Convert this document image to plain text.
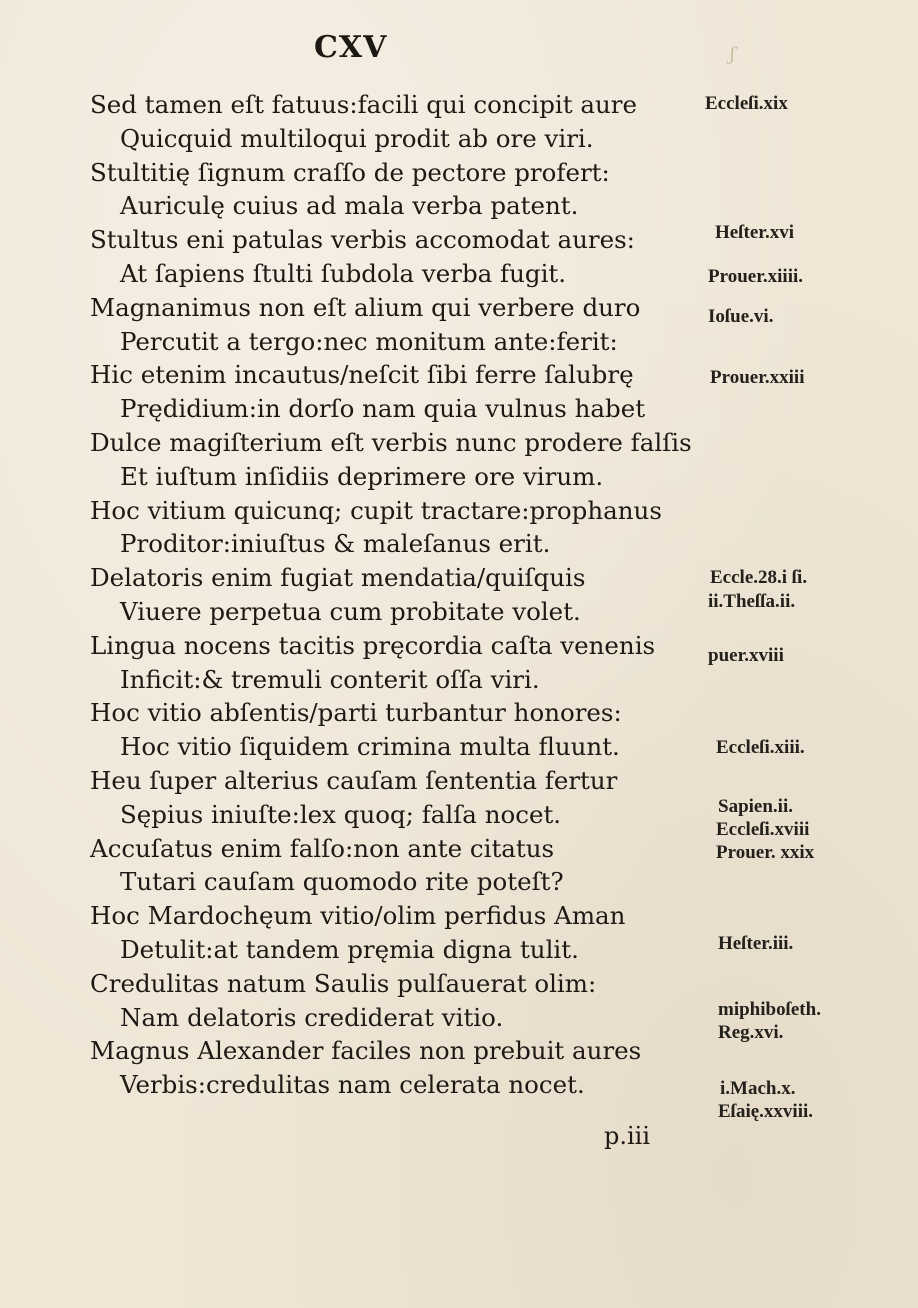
CXV	ʃ
Sed tamen eſt fatuus:facili qui concipit aure
Quicquid multiloqui prodit ab ore viri.
Stultitię ſignum craſſo de pectore profert:
Auriculę cuius ad mala verba patent.
Stultus eni patulas verbis accomodat aures:
At ſapiens ſtulti ſubdola verba fugit.
Magnanimus non eſt alium qui verbere duro
Percutit a tergo:nec monitum ante:ferit:
Hic etenim incautus/neſcit ſibi ferre ſalubrę
Prędidium:in dorſo nam quia vulnus habet
Dulce magiſterium eſt verbis nunc prodere falſis
Et iuſtum inſidiis deprimere ore virum.
Hoc vitium quicunq; cupit tractare:prophanus
Proditor:iniuſtus & maleſanus erit.
Delatoris enim fugiat mendatia/quiſquis
Viuere perpetua cum probitate volet.
Lingua nocens tacitis pręcordia caſta venenis
Inficit:& tremuli conterit oſſa viri.
Hoc vitio abſentis/parti turbantur honores:
Hoc vitio ſiquidem crimina multa fluunt.
Heu ſuper alterius cauſam ſententia fertur
Sępius iniuſte:lex quoq; falſa nocet.
Accuſatus enim falſo:non ante citatus
Tutari cauſam quomodo rite poteſt?
Hoc Mardochęum vitio/olim perfidus Aman
Detulit:at tandem pręmia digna tulit.
Credulitas natum Saulis pulſauerat olim:
Nam delatoris crediderat vitio.
Magnus Alexander faciles non prebuit aures
Verbis:credulitas nam celerata nocet.
p.iii
Eccleſi.xix
Heſter.xvi
Prouer.xiiii.
Ioſue.vi.
Prouer.xxiii
Eccle.28.i ſi.
ii.Theſſa.ii.
puer.xviii
Eccleſi.xiii.
Sapien.ii.
Eccleſi.xviii
Prouer. xxix
Heſter.iii.
miphiboſeth.
Reg.xvi.
i.Mach.x.
Eſaię.xxviii.
